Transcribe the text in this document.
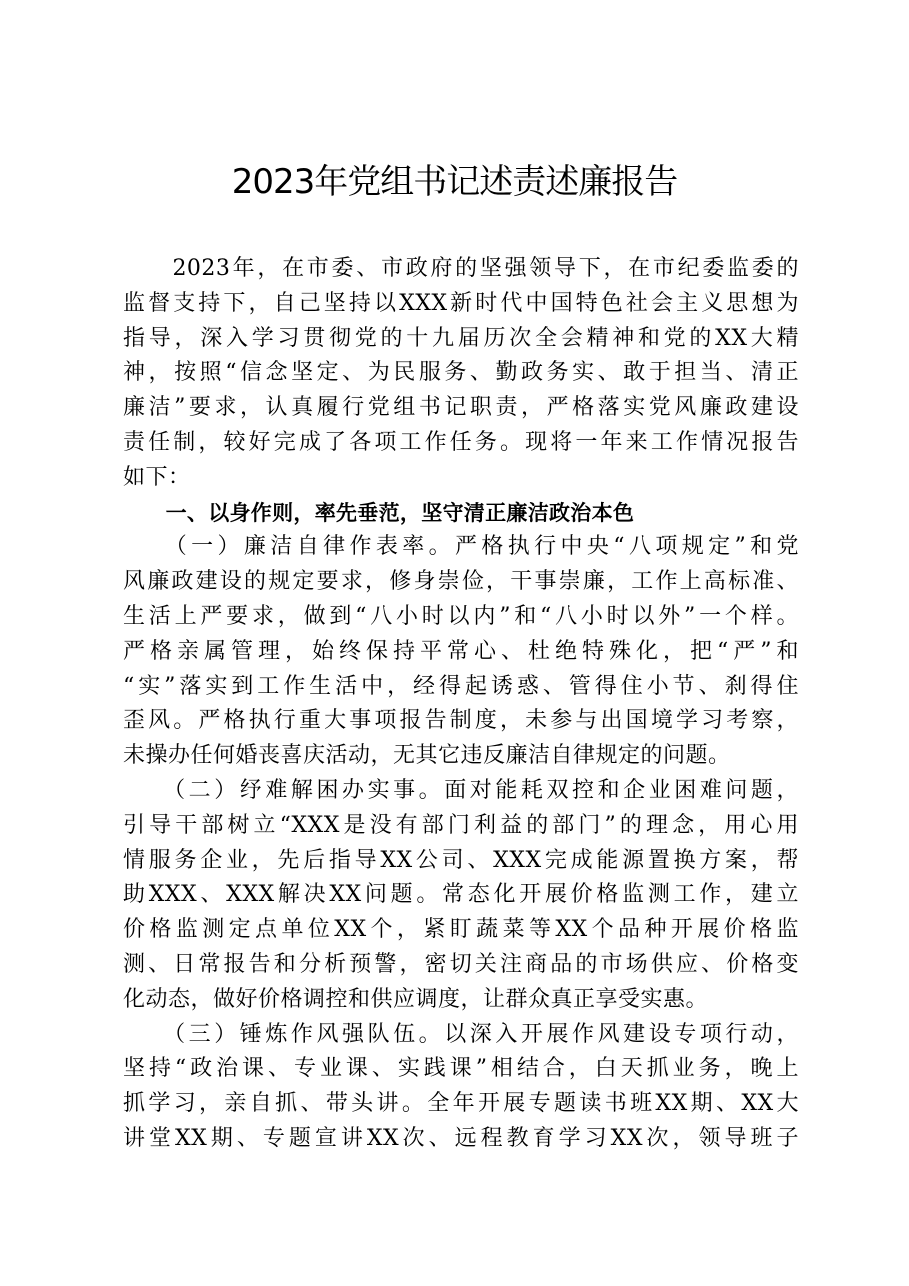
2023年党组书记述责述廉报告
　　2023年，在市委、市政府的坚强领导下，在市纪委监委的
监督支持下，自己坚持以XXX新时代中国特色社会主义思想为
指导，深入学习贯彻党的十九届历次全会精神和党的XX大精
神，按照“信念坚定、为民服务、勤政务实、敢于担当、清正
廉洁”要求，认真履行党组书记职责，严格落实党风廉政建设
责任制，较好完成了各项工作任务。现将一年来工作情况报告
如下：
　　一、以身作则，率先垂范，坚守清正廉洁政治本色
　　（一）廉洁自律作表率。严格执行中央“八项规定”和党
风廉政建设的规定要求，修身崇俭，干事崇廉，工作上高标准、
生活上严要求，做到“八小时以内”和“八小时以外”一个样。
严格亲属管理，始终保持平常心、杜绝特殊化，把“严”和
“实”落实到工作生活中，经得起诱惑、管得住小节、刹得住
歪风。严格执行重大事项报告制度，未参与出国境学习考察，
未操办任何婚丧喜庆活动，无其它违反廉洁自律规定的问题。
　　（二）纾难解困办实事。面对能耗双控和企业困难问题，
引导干部树立“XXX是没有部门利益的部门”的理念，用心用
情服务企业，先后指导XX公司、XXX完成能源置换方案，帮
助XXX、XXX解决XX问题。常态化开展价格监测工作，建立
价格监测定点单位XX个，紧盯蔬菜等XX个品种开展价格监
测、日常报告和分析预警，密切关注商品的市场供应、价格变
化动态，做好价格调控和供应调度，让群众真正享受实惠。
　　（三）锤炼作风强队伍。以深入开展作风建设专项行动，
坚持“政治课、专业课、实践课”相结合，白天抓业务，晚上
抓学习，亲自抓、带头讲。全年开展专题读书班XX期、XX大
讲堂XX期、专题宣讲XX次、远程教育学习XX次，领导班子
